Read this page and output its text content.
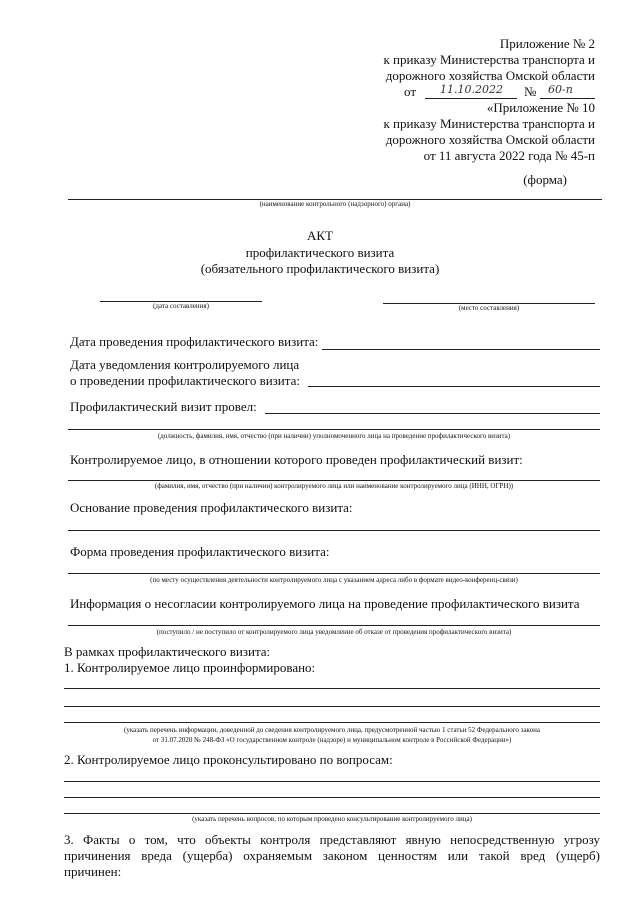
Приложение № 2
к приказу Министерства транспорта и
дорожного хозяйства Омской области
от 11.10.2022 № 60-п
«Приложение № 10
к приказу Министерства транспорта и
дорожного хозяйства Омской области
от 11 августа 2022 года № 45-п
(форма)
(наименование контрольного (надзорного) органа)
АКТ
профилактического визита
(обязательного профилактического визита)
(дата составления)	(место составления)
Дата проведения профилактического визита:
Дата уведомления контролируемого лица
о проведении профилактического визита:
Профилактический визит провел:
(должность, фамилия, имя, отчество (при наличии) уполномоченного лица на проведение профилактического визита)
Контролируемое лицо, в отношении которого проведен профилактический визит:
(фамилия, имя, отчество (при наличии) контролируемого лица или наименование контролируемого лица (ИНН, ОГРН))
Основание проведения профилактического визита:
Форма проведения профилактического визита:
(по месту осуществления деятельности контролируемого лица с указанием адреса либо в формате видео-конференц-связи)
Информация о несогласии контролируемого лица на проведение профилактического визита
(поступило / не поступило от контролируемого лица уведомление об отказе от проведения профилактического визита)
В рамках профилактического визита:
1. Контролируемое лицо проинформировано:
(указать перечень информации, доведенной до сведения контролируемого лица, предусмотренной частью 1 статьи 52 Федерального закона
от 31.07.2020 № 248-ФЗ «О государственном контроле (надзоре) и муниципальном контроле в Российской Федерации»)
2. Контролируемое лицо проконсультировано по вопросам:
(указать перечень вопросов, по которым проведено консультирование контролируемого лица)
3. Факты о том, что объекты контроля представляют явную непосредственную угрозу
причинения вреда (ущерба) охраняемым законом ценностям или такой вред (ущерб)
причинен:
